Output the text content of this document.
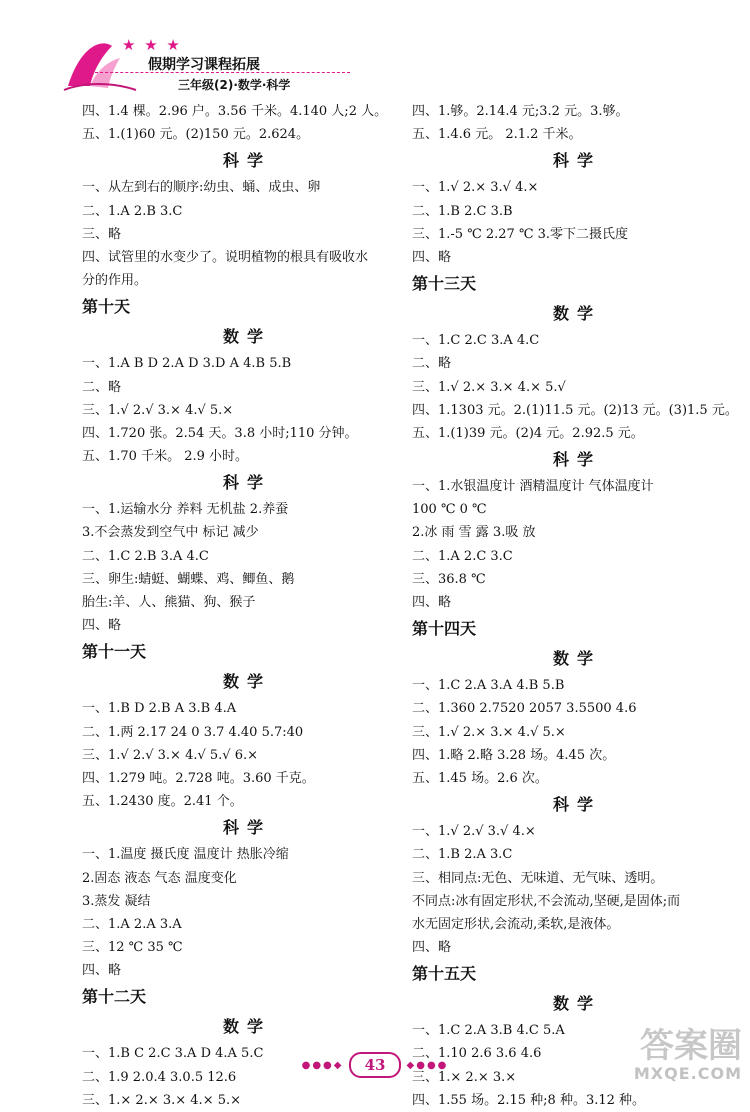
★ ★ ★
假期学习课程拓展
三年级(2)·数学·科学
四、1.4 棵。2.96 户。3.56 千米。4.140 人;2 人。
五、1.(1)60 元。(2)150 元。2.624。
科学
一、从左到右的顺序:幼虫、蛹、成虫、卵
二、1.A 2.B 3.C
三、略
四、试管里的水变少了。说明植物的根具有吸收水
分的作用。
第十天
数学
一、1.A B D 2.A D 3.D A 4.B 5.B
二、略
三、1.√ 2.√ 3.× 4.√ 5.×
四、1.720 张。2.54 天。3.8 小时;110 分钟。
五、1.70 千米。 2.9 小时。
科学
一、1.运输水分 养料 无机盐 2.养蚕
3.不会蒸发到空气中 标记 减少
二、1.C 2.B 3.A 4.C
三、卵生:蜻蜓、蝴蝶、鸡、鲫鱼、鹅
胎生:羊、人、熊猫、狗、猴子
四、略
第十一天
数学
一、1.B D 2.B A 3.B 4.A
二、1.两 2.17 24 0 3.7 4.40 5.7:40
三、1.√ 2.√ 3.× 4.√ 5.√ 6.×
四、1.279 吨。2.728 吨。3.60 千克。
五、1.2430 度。2.41 个。
科学
一、1.温度 摄氏度 温度计 热胀冷缩
2.固态 液态 气态 温度变化
3.蒸发 凝结
二、1.A 2.A 3.A
三、12 ℃ 35 ℃
四、略
第十二天
数学
一、1.B C 2.C 3.A D 4.A 5.C
二、1.9 2.0.4 3.0.5 12.6
三、1.× 2.× 3.× 4.× 5.×
四、1.够。2.14.4 元;3.2 元。3.够。
五、1.4.6 元。 2.1.2 千米。
科学
一、1.√ 2.× 3.√ 4.×
二、1.B 2.C 3.B
三、1.-5 ℃ 2.27 ℃ 3.零下二摄氏度
四、略
第十三天
数学
一、1.C 2.C 3.A 4.C
二、略
三、1.√ 2.× 3.× 4.× 5.√
四、1.1303 元。2.(1)11.5 元。(2)13 元。(3)1.5 元。
五、1.(1)39 元。(2)4 元。2.92.5 元。
科学
一、1.水银温度计 酒精温度计 气体温度计
100 ℃ 0 ℃
2.冰 雨 雪 露 3.吸 放
二、1.A 2.C 3.C
三、36.8 ℃
四、略
第十四天
数学
一、1.C 2.A 3.A 4.B 5.B
二、1.360 2.7520 2057 3.5500 4.6
三、1.√ 2.× 3.× 4.√ 5.×
四、1.略 2.略 3.28 场。4.45 次。
五、1.45 场。2.6 次。
科学
一、1.√ 2.√ 3.√ 4.×
二、1.B 2.A 3.C
三、相同点:无色、无味道、无气味、透明。
不同点:冰有固定形状,不会流动,坚硬,是固体;而
水无固定形状,会流动,柔软,是液体。
四、略
第十五天
数学
一、1.C 2.A 3.B 4.C 5.A
二、1.10 2.6 3.6 4.6
三、1.× 2.× 3.×
四、1.55 场。2.15 种;8 种。3.12 种。
●●●◆ 43 ◆●●●	答案圈
MXQE.COM
